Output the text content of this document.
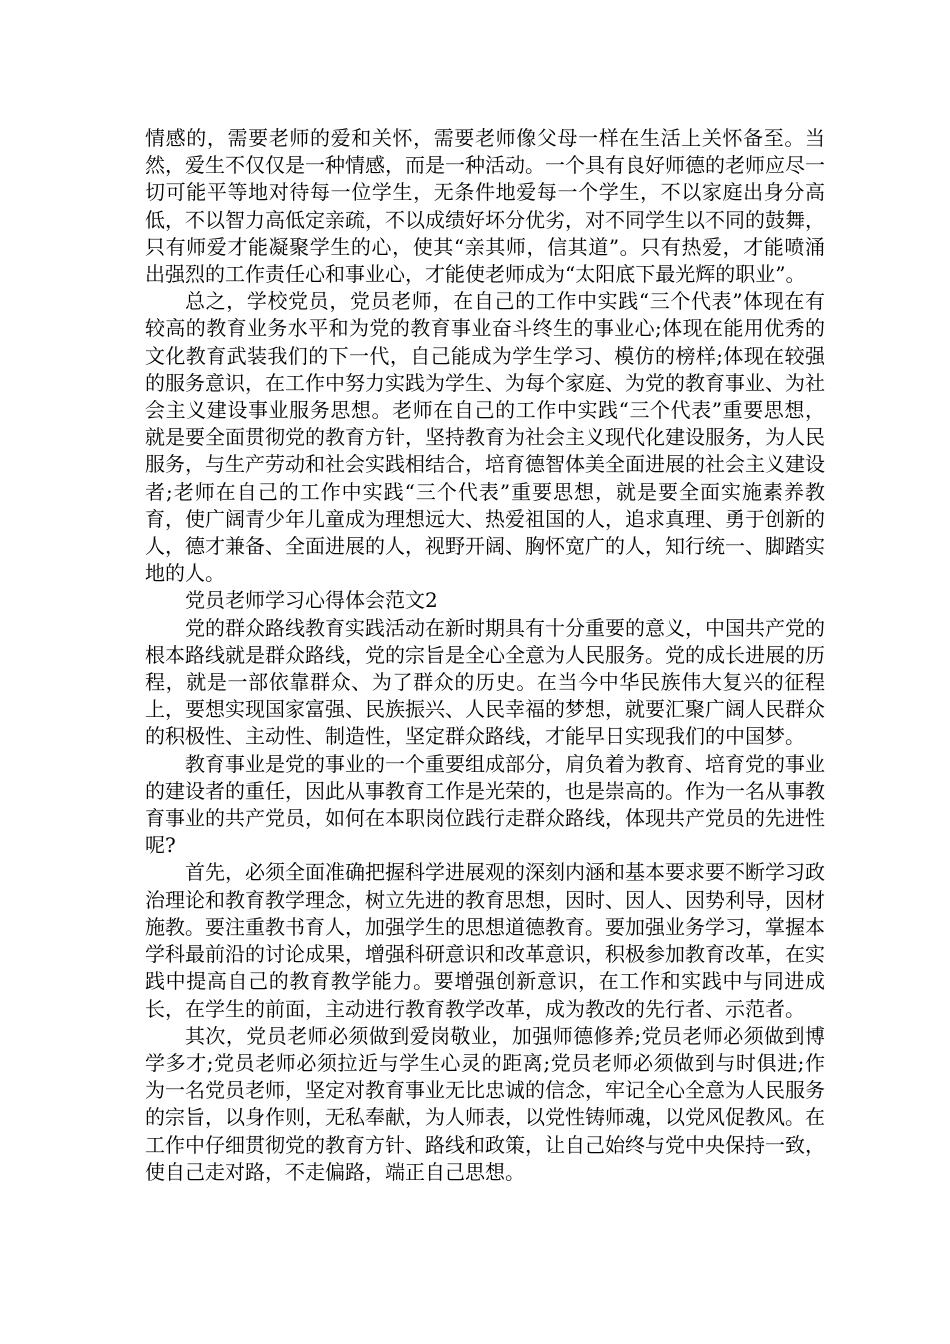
情感的，需要老师的爱和关怀，需要老师像父母一样在生活上关怀备至。当然，爱生不仅仅是一种情感，而是一种活动。一个具有良好师德的老师应尽一切可能平等地对待每一位学生，无条件地爱每一个学生，不以家庭出身分高低，不以智力高低定亲疏，不以成绩好坏分优劣，对不同学生以不同的鼓舞，只有师爱才能凝聚学生的心，使其“亲其师，信其道”。只有热爱，才能喷涌出强烈的工作责任心和事业心，才能使老师成为“太阳底下最光辉的职业”。

总之，学校党员，党员老师，在自己的工作中实践“三个代表”体现在有较高的教育业务水平和为党的教育事业奋斗终生的事业心;体现在能用优秀的文化教育武装我们的下一代，自己能成为学生学习、模仿的榜样;体现在较强的服务意识，在工作中努力实践为学生、为每个家庭、为党的教育事业、为社会主义建设事业服务思想。老师在自己的工作中实践“三个代表”重要思想，就是要全面贯彻党的教育方针，坚持教育为社会主义现代化建设服务，为人民服务，与生产劳动和社会实践相结合，培育德智体美全面进展的社会主义建设者;老师在自己的工作中实践“三个代表”重要思想，就是要全面实施素养教育，使广阔青少年儿童成为理想远大、热爱祖国的人，追求真理、勇于创新的人，德才兼备、全面进展的人，视野开阔、胸怀宽广的人，知行统一、脚踏实地的人。

党员老师学习心得体会范文2

党的群众路线教育实践活动在新时期具有十分重要的意义，中国共产党的根本路线就是群众路线，党的宗旨是全心全意为人民服务。党的成长进展的历程，就是一部依靠群众、为了群众的历史。在当今中华民族伟大复兴的征程上，要想实现国家富强、民族振兴、人民幸福的梦想，就要汇聚广阔人民群众的积极性、主动性、制造性，坚定群众路线，才能早日实现我们的中国梦。

教育事业是党的事业的一个重要组成部分，肩负着为教育、培育党的事业的建设者的重任，因此从事教育工作是光荣的，也是崇高的。作为一名从事教育事业的共产党员，如何在本职岗位践行走群众路线，体现共产党员的先进性呢?

首先，必须全面准确把握科学进展观的深刻内涵和基本要求要不断学习政治理论和教育教学理念，树立先进的教育思想，因时、因人、因势利导，因材施教。要注重教书育人，加强学生的思想道德教育。要加强业务学习，掌握本学科最前沿的讨论成果，增强科研意识和改革意识，积极参加教育改革，在实践中提高自己的教育教学能力。要增强创新意识，在工作和实践中与同进成长，在学生的前面，主动进行教育教学改革，成为教改的先行者、示范者。

其次，党员老师必须做到爱岗敬业，加强师德修养;党员老师必须做到博学多才;党员老师必须拉近与学生心灵的距离;党员老师必须做到与时俱进;作为一名党员老师，坚定对教育事业无比忠诚的信念，牢记全心全意为人民服务的宗旨，以身作则，无私奉献，为人师表，以党性铸师魂，以党风促教风。在工作中仔细贯彻党的教育方针、路线和政策，让自己始终与党中央保持一致，使自己走对路，不走偏路，端正自己思想。
